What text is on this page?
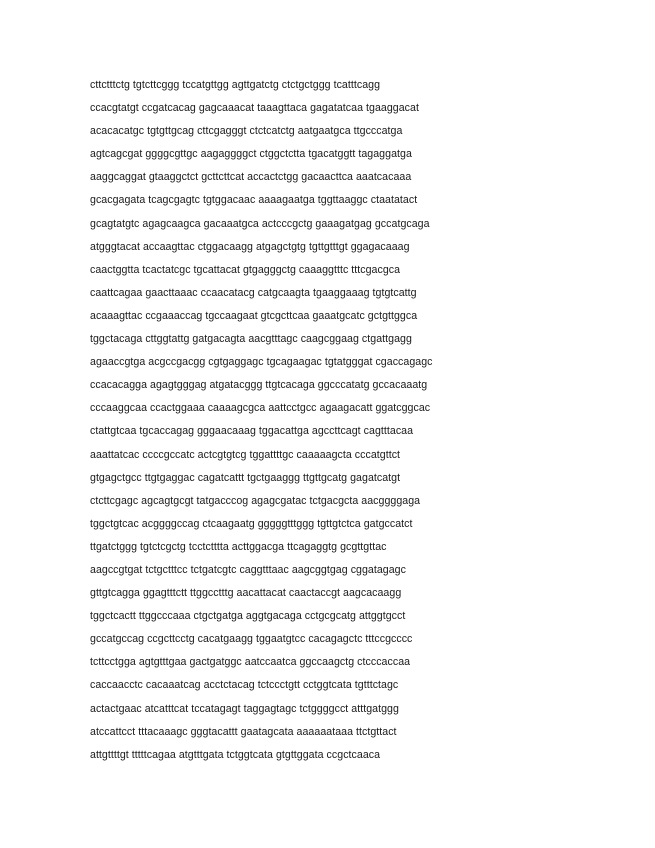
cttctttctg tgtcttcggg tccatgttgg agttgatctg ctctgctggg tcatttcagg
ccacgtatgt ccgatcacag gagcaaacat taaagttaca gagatatcaa tgaaggacat
acacacatgc tgtgttgcag cttcgagggt ctctcatctg aatgaatgca ttgcccatga
agtcagcgat ggggcgttgc aagaggggct ctggctctta tgacatggtt tagaggatga
aaggcaggat gtaaggctct gcttcttcat accactctgg gacaacttca aaatcacaaa
gcacgagata tcagcgagtc tgtggacaac aaaagaatga tggttaaggc ctaatatact
gcagtatgtc agagcaagca gacaaatgca actcccgctg gaaagatgag gccatgcaga
atgggtacat accaagttac ctggacaagg atgagctgtg tgttgtttgt ggagacaaag
caactggtta tcactatcgc tgcattacat gtgagggctg caaaggtttc tttcgacgca
caattcagaa gaacttaaac ccaacatacg catgcaagta tgaaggaaag tgtgtcattg
acaaagttac ccgaaaccag tgccaagaat gtcgcttcaa gaaatgcatc gctgttggca
tggctacaga cttggtattg gatgacagta aacgtttagc caagcggaag ctgattgagg
agaaccgtga acgccgacgg cgtgaggagc tgcagaagac tgtatgggat cgaccagagc
ccacacagga agagtgggag atgatacggg ttgtcacaga ggcccatatg gccacaaatg
cccaaggcaa ccactggaaa caaaagcgca aattcctgcc agaagacatt ggatcggcac
ctattgtcaa tgcaccagag gggaacaaag tggacattga agccttcagt cagtttacaa
aaattatcac ccccgccatc actcgtgtcg tggattttgc caaaaagcta cccatgttct
gtgagctgcc ttgtgaggac cagatcattt tgctgaaggg ttgttgcatg gagatcatgt
ctcttcgagc agcagtgcgt tatgacccog agagcgatac tctgacgcta aacggggaga
tggctgtcac acggggccag ctcaagaatg gggggtttggg tgttgtctca gatgccatct
ttgatctggg tgtctcgctg tcctctttta acttggacga ttcagaggtg gcgttgttac
aagccgtgat tctgctttcc tctgatcgtc caggtttaac aagcggtgag cggatagagc
gttgtcagga ggagtttctt ttggcctttg aacattacat caactaccgt aagcacaagg
tggctcactt ttggcccaaa ctgctgatga aggtgacaga cctgcgcatg attggtgcct
gccatgccag ccgcttcctg cacatgaagg tggaatgtcc cacagagctc tttccgcccc
tcttcctgga agtgtttgaa gactgatggc aatccaatca ggccaagctg ctcccaccaa
caccaacctc cacaaatcag acctctacag tctccctgtt cctggtcata tgtttctagc
actactgaac atcatttcat tccatagagt taggagtagc tctggggcct atttgatggg
atccattcct tttacaaagc gggtacattt gaatagcata aaaaaataaa ttctgttact
attgttttgt tttttcagaa atgtttgata tctggtcata gtgttggata ccgctcaaca
